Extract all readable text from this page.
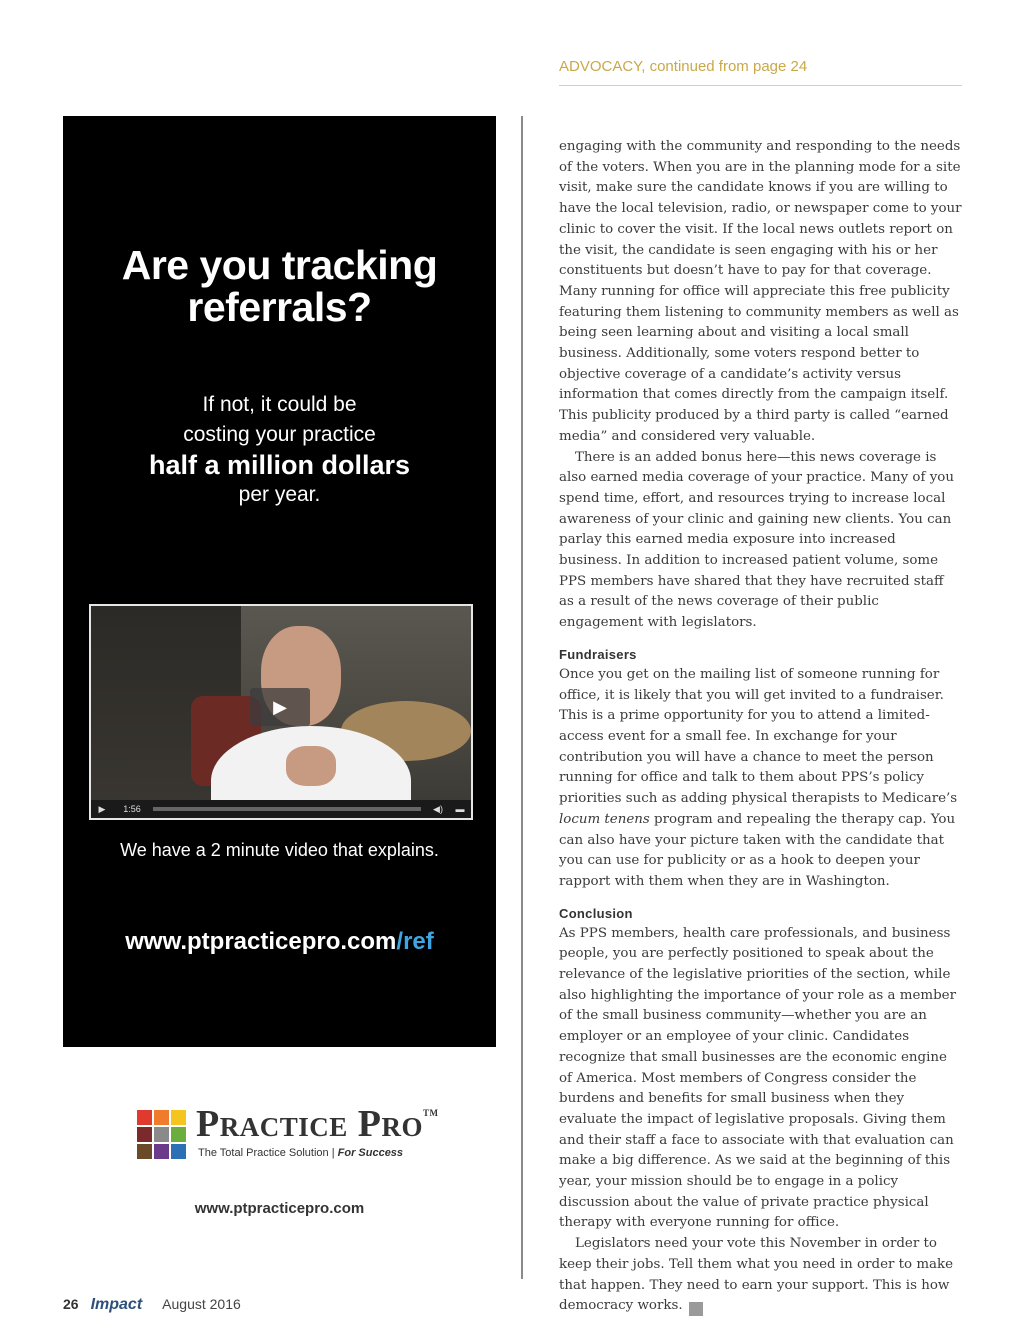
ADVOCACY, continued from page 24
Are you tracking
referrals?
If not, it could be
costing your practice
half a million dollars
per year.
▶
▶	1:56	◀)	▬
We have a 2 minute video that explains.
www.ptpracticepro.com/ref
Practice Pro™
The Total Practice Solution | For Success
www.ptpracticepro.com

engaging with the community and responding to the needs of the voters. When you are in the planning mode for a site visit, make sure the candidate knows if you are willing to have the local television, radio, or newspaper come to your clinic to cover the visit. If the local news outlets report on the visit, the candidate is seen engaging with his or her constituents but doesn’t have to pay for that coverage. Many running for office will appreciate this free publicity featuring them listening to community members as well as being seen learning about and visiting a local small business. Additionally, some voters respond better to objective coverage of a candidate’s activity versus information that comes directly from the campaign itself. This publicity produced by a third party is called “earned media” and considered very valuable.

There is an added bonus here—this news coverage is also earned media coverage of your practice. Many of you spend time, effort, and resources trying to increase local awareness of your clinic and gaining new clients. You can parlay this earned media exposure into increased business. In addition to increased patient volume, some PPS members have shared that they have recruited staff as a result of the news coverage of their public engagement with legislators.

Fundraisers

Once you get on the mailing list of someone running for office, it is likely that you will get invited to a fundraiser. This is a prime opportunity for you to attend a limited-access event for a small fee. In exchange for your contribution you will have a chance to meet the person running for office and talk to them about PPS’s policy priorities such as adding physical therapists to Medicare’s locum tenens program and repealing the therapy cap. You can also have your picture taken with the candidate that you can use for publicity or as a hook to deepen your rapport with them when they are in Washington.

Conclusion

As PPS members, health care professionals, and business people, you are perfectly positioned to speak about the relevance of the legislative priorities of the section, while also highlighting the importance of your role as a member of the small business community—whether you are an employer or an employee of your clinic. Candidates recognize that small businesses are the economic engine of America. Most members of Congress consider the burdens and benefits for small business when they evaluate the impact of legislative proposals. Giving them and their staff a face to associate with that evaluation can make a big difference. As we said at the beginning of this year, your mission should be to engage in a policy discussion about the value of private practice physical therapy with everyone running for office.

Legislators need your vote this November in order to keep their jobs. Tell them what you need in order to make that happen. They need to earn your support. This is how democracy works. I

26 Impact August 2016
